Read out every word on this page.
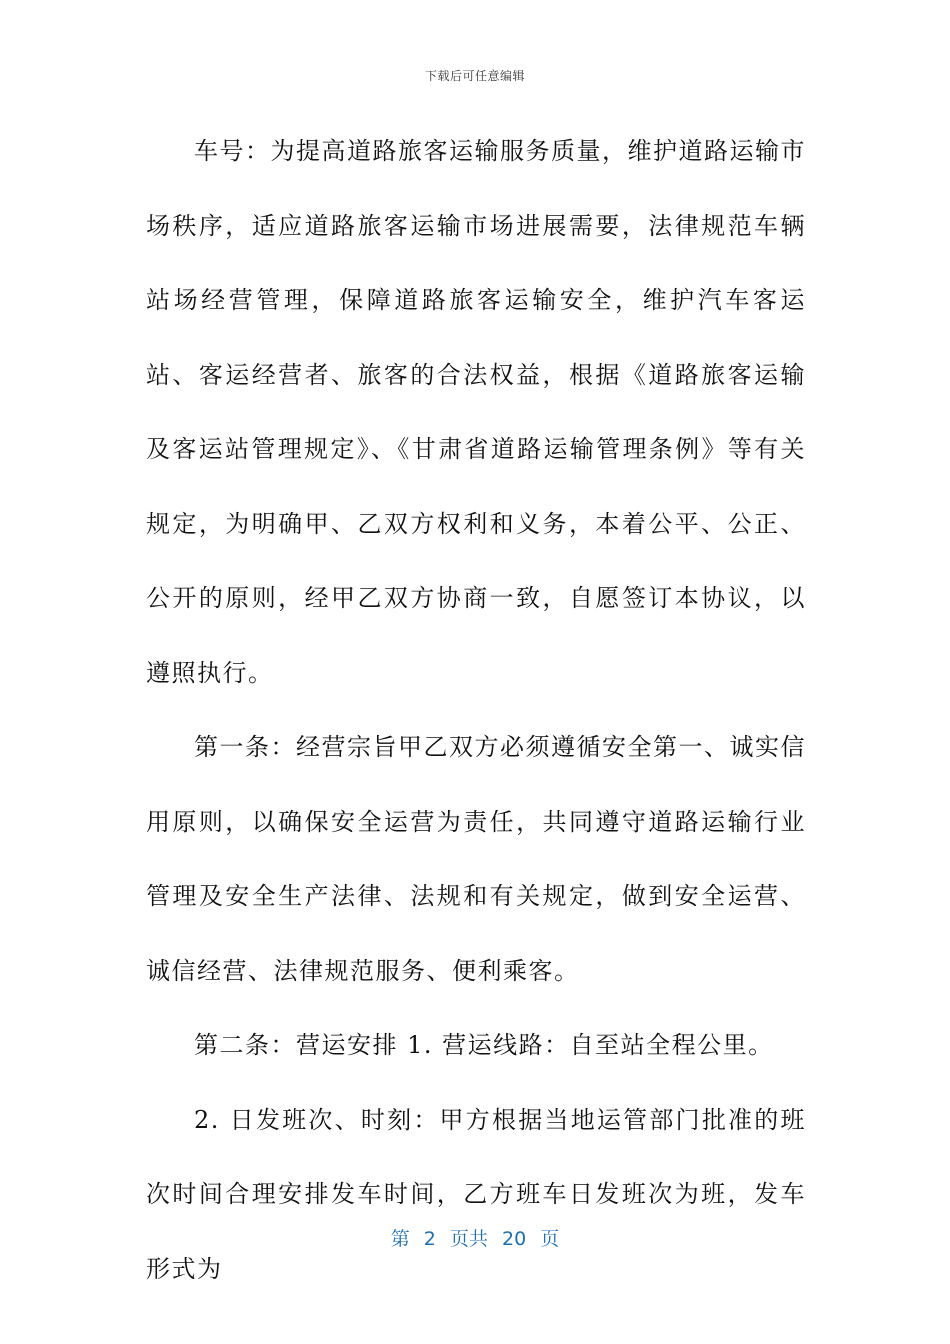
下载后可任意编辑

车号：为提高道路旅客运输服务质量，维护道路运输市场秩序，适应道路旅客运输市场进展需要，法律规范车辆站场经营管理，保障道路旅客运输安全，维护汽车客运站、客运经营者、旅客的合法权益，根据《道路旅客运输及客运站管理规定》、《甘肃省道路运输管理条例》等有关规定，为明确甲、乙双方权利和义务，本着公平、公正、公开的原则，经甲乙双方协商一致，自愿签订本协议，以遵照执行。

第一条：经营宗旨甲乙双方必须遵循安全第一、诚实信用原则，以确保安全运营为责任，共同遵守道路运输行业管理及安全生产法律、法规和有关规定，做到安全运营、诚信经营、法律规范服务、便利乘客。

第二条：营运安排 1. 营运线路：自至站全程公里。

2. 日发班次、时刻：甲方根据当地运管部门批准的班次时间合理安排发车时间，乙方班车日发班次为班，发车形式为

第 2 页共 20 页
